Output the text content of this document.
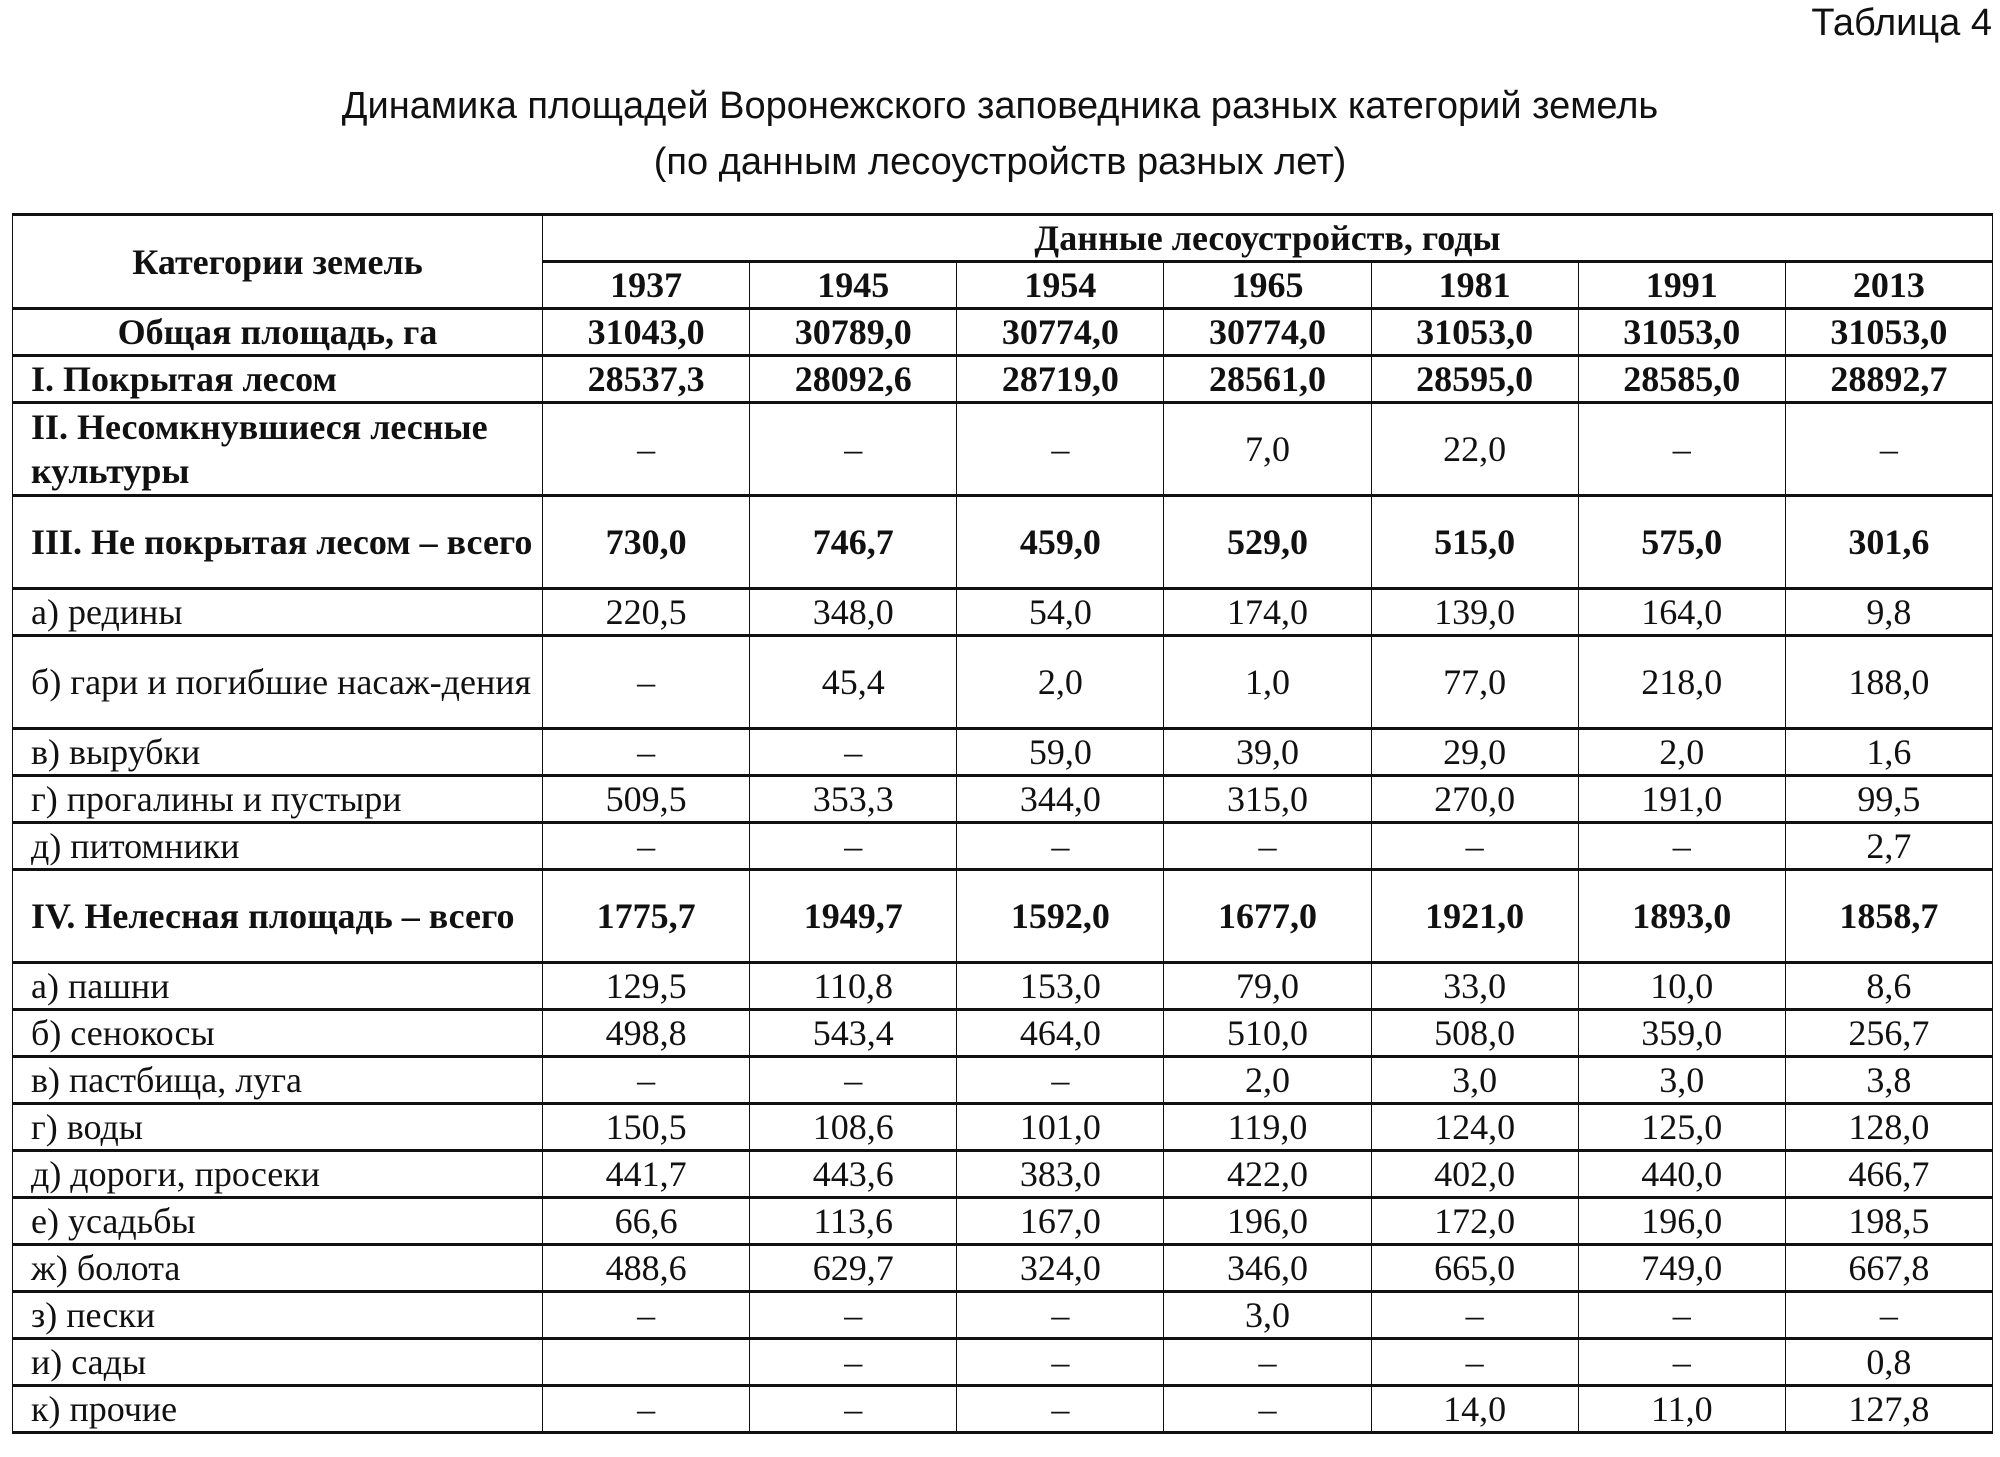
Таблица 4
Динамика площадей Воронежского заповедника разных категорий земель
(по данным лесоустройств разных лет)
Категории земель	Данные лесоустройств, годы						
	1937	1945	1954	1965	1981	1991	2013
Общая площадь, га	31043,0	30789,0	30774,0	30774,0	31053,0	31053,0	31053,0
I. Покрытая лесом	28537,3	28092,6	28719,0	28561,0	28595,0	28585,0	28892,7
II. Несомкнувшиеся лесные культуры	–	–	–	7,0	22,0	–	–
III. Не покрытая лесом – всего	730,0	746,7	459,0	529,0	515,0	575,0	301,6
а) редины	220,5	348,0	54,0	174,0	139,0	164,0	9,8
б) гари и погибшие насаж-дения	–	45,4	2,0	1,0	77,0	218,0	188,0
в) вырубки	–	–	59,0	39,0	29,0	2,0	1,6
г) прогалины и пустыри	509,5	353,3	344,0	315,0	270,0	191,0	99,5
д) питомники	–	–	–	–	–	–	2,7
IV. Нелесная площадь – всего	1775,7	1949,7	1592,0	1677,0	1921,0	1893,0	1858,7
а) пашни	129,5	110,8	153,0	79,0	33,0	10,0	8,6
б) сенокосы	498,8	543,4	464,0	510,0	508,0	359,0	256,7
в) пастбища, луга	–	–	–	2,0	3,0	3,0	3,8
г) воды	150,5	108,6	101,0	119,0	124,0	125,0	128,0
д) дороги, просеки	441,7	443,6	383,0	422,0	402,0	440,0	466,7
е) усадьбы	66,6	113,6	167,0	196,0	172,0	196,0	198,5
ж) болота	488,6	629,7	324,0	346,0	665,0	749,0	667,8
з) пески	–	–	–	3,0	–	–	–
и) сады		–	–	–	–	–	0,8
к) прочие	–	–	–	–	14,0	11,0	127,8
